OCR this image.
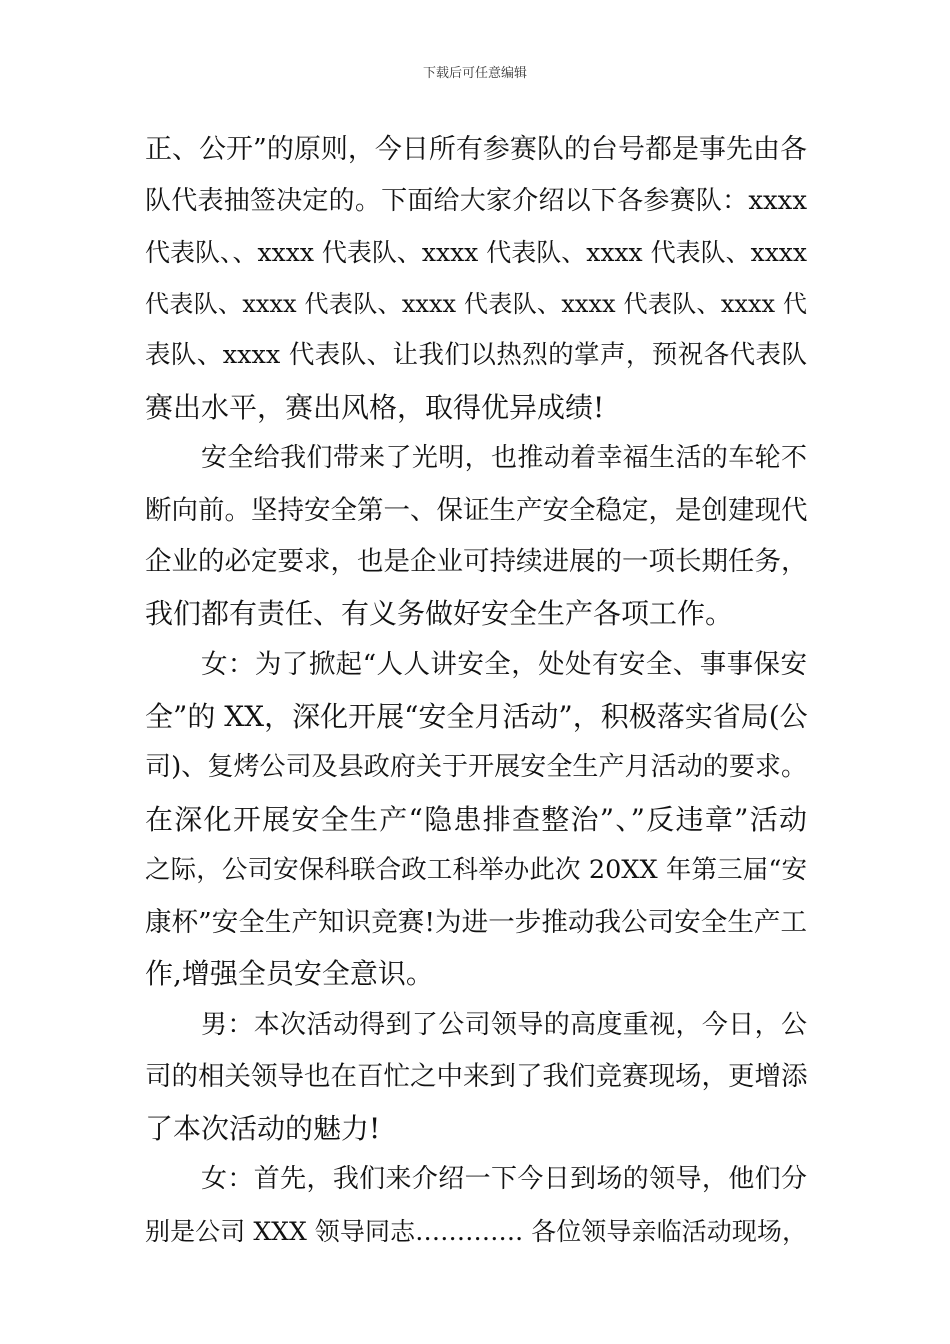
下载后可任意编辑
正、公开”的原则，今日所有参赛队的台号都是事先由各
队代表抽签决定的。下面给大家介绍以下各参赛队：xxxx
代表队、、xxxx 代表队、xxxx 代表队、xxxx 代表队、xxxx
代表队、xxxx 代表队、xxxx 代表队、xxxx 代表队、xxxx 代
表队、xxxx 代表队、让我们以热烈的掌声，预祝各代表队
赛出水平，赛出风格，取得优异成绩!
安全给我们带来了光明，也推动着幸福生活的车轮不
断向前。坚持安全第一、保证生产安全稳定，是创建现代
企业的必定要求，也是企业可持续进展的一项长期任务，
我们都有责任、有义务做好安全生产各项工作。
女：为了掀起“人人讲安全，处处有安全、事事保安
全”的 XX，深化开展“安全月活动”，积极落实省局(公
司)、复烤公司及县政府关于开展安全生产月活动的要求。
在深化开展安全生产“隐患排查整治”、”反违章”活动
之际，公司安保科联合政工科举办此次 20XX 年第三届“安
康杯”安全生产知识竞赛!为进一步推动我公司安全生产工
作,增强全员安全意识。
男：本次活动得到了公司领导的高度重视，今日，公
司的相关领导也在百忙之中来到了我们竞赛现场，更增添
了本次活动的魅力!
女：首先，我们来介绍一下今日到场的领导，他们分
别是公司 XXX 领导同志…………. 各位领导亲临活动现场，
